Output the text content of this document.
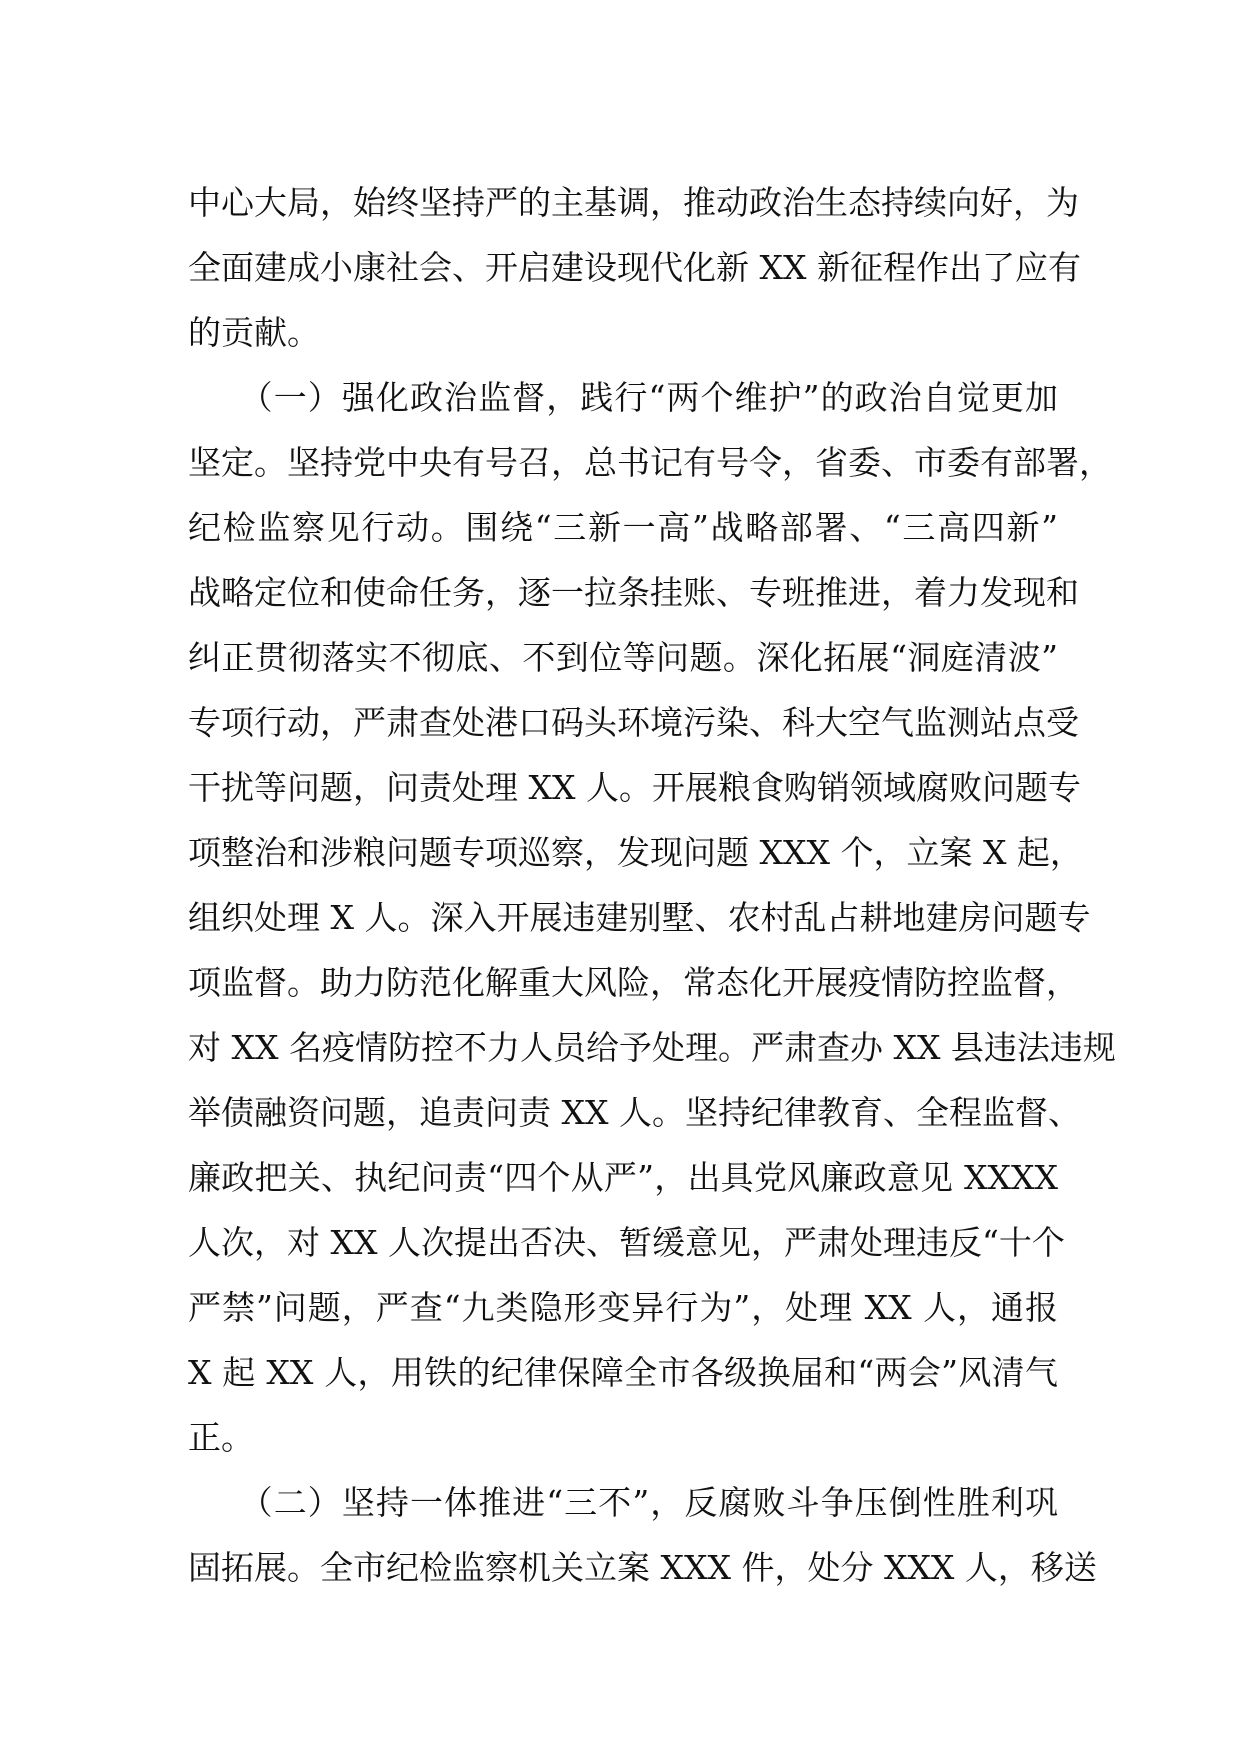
中心大局，始终坚持严的主基调，推动政治生态持续向好，为
全面建成小康社会、开启建设现代化新 XX 新征程作出了应有
的贡献。
　　（一）强化政治监督，践行“两个维护”的政治自觉更加
坚定。坚持党中央有号召，总书记有号令，省委、市委有部署，
纪检监察见行动。围绕“三新一高”战略部署、“三高四新”
战略定位和使命任务，逐一拉条挂账、专班推进，着力发现和
纠正贯彻落实不彻底、不到位等问题。深化拓展“洞庭清波”
专项行动，严肃查处港口码头环境污染、科大空气监测站点受
干扰等问题，问责处理 XX 人。开展粮食购销领域腐败问题专
项整治和涉粮问题专项巡察，发现问题 XXX 个，立案 X 起，
组织处理 X 人。深入开展违建别墅、农村乱占耕地建房问题专
项监督。助力防范化解重大风险，常态化开展疫情防控监督，
对 XX 名疫情防控不力人员给予处理。严肃查办 XX 县违法违规
举债融资问题，追责问责 XX 人。坚持纪律教育、全程监督、
廉政把关、执纪问责“四个从严”，出具党风廉政意见 XXXX
人次，对 XX 人次提出否决、暂缓意见，严肃处理违反“十个
严禁”问题，严查“九类隐形变异行为”，处理 XX 人，通报
X 起 XX 人，用铁的纪律保障全市各级换届和“两会”风清气
正。
　　（二）坚持一体推进“三不”，反腐败斗争压倒性胜利巩
固拓展。全市纪检监察机关立案 XXX 件，处分 XXX 人，移送
